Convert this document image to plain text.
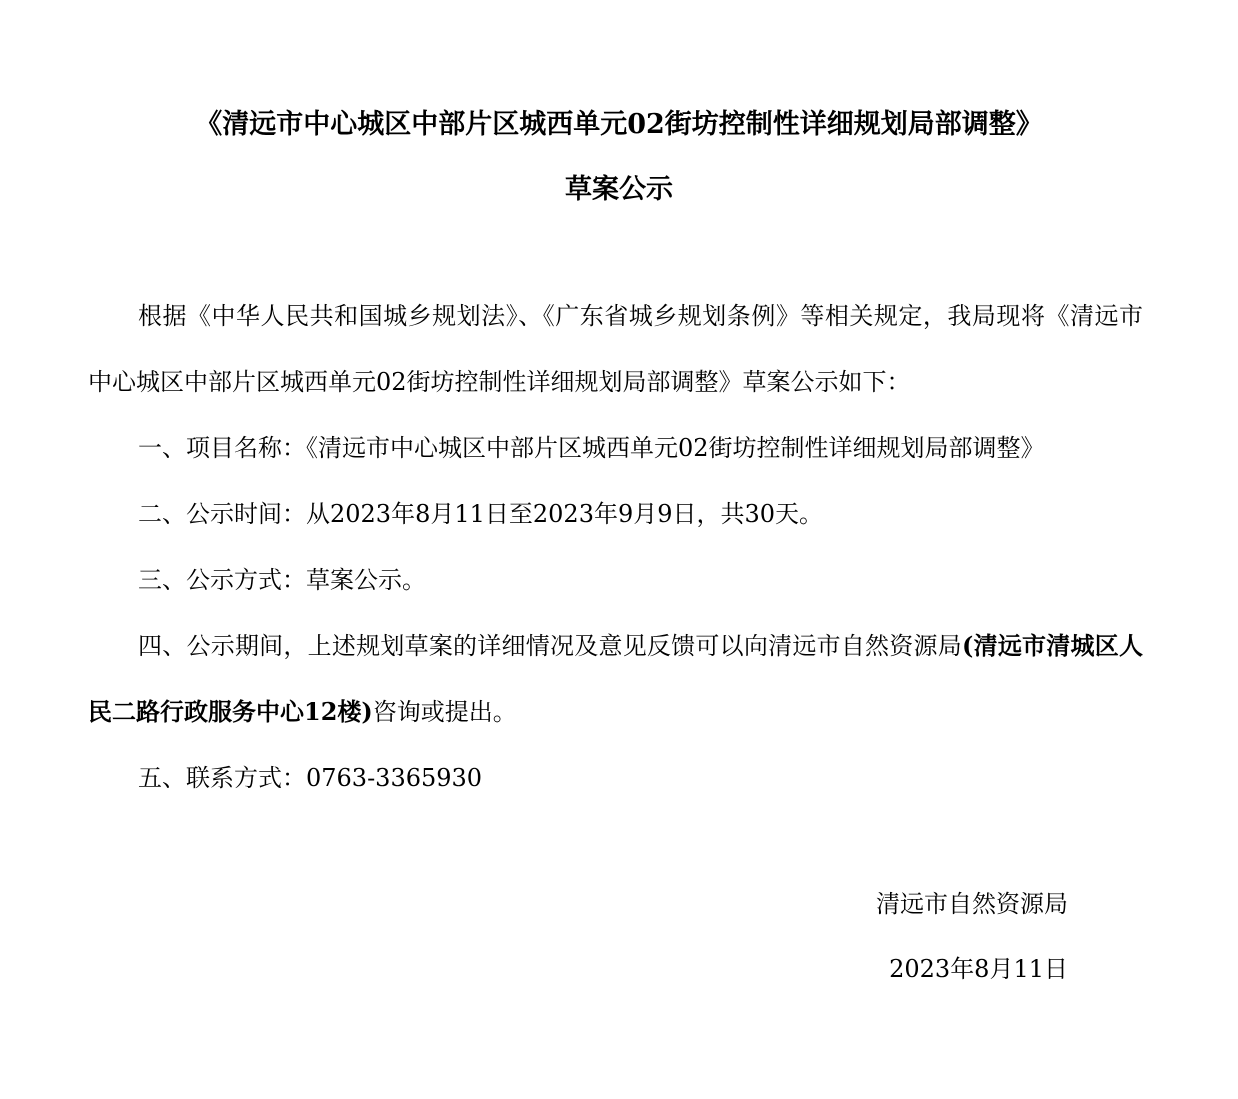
《清远市中心城区中部片区城西单元02街坊控制性详细规划局部调整》
草案公示

根据《中华人民共和国城乡规划法》、《广东省城乡规划条例》等相关规定，我局现将《清远市中心城区中部片区城西单元02街坊控制性详细规划局部调整》草案公示如下：

一、项目名称：《清远市中心城区中部片区城西单元02街坊控制性详细规划局部调整》

二、公示时间：从2023年8月11日至2023年9月9日，共30天。

三、公示方式：草案公示。

四、公示期间，上述规划草案的详细情况及意见反馈可以向清远市自然资源局(清远市清城区人民二路行政服务中心12楼)咨询或提出。

五、联系方式：0763-3365930

清远市自然资源局
2023年8月11日
